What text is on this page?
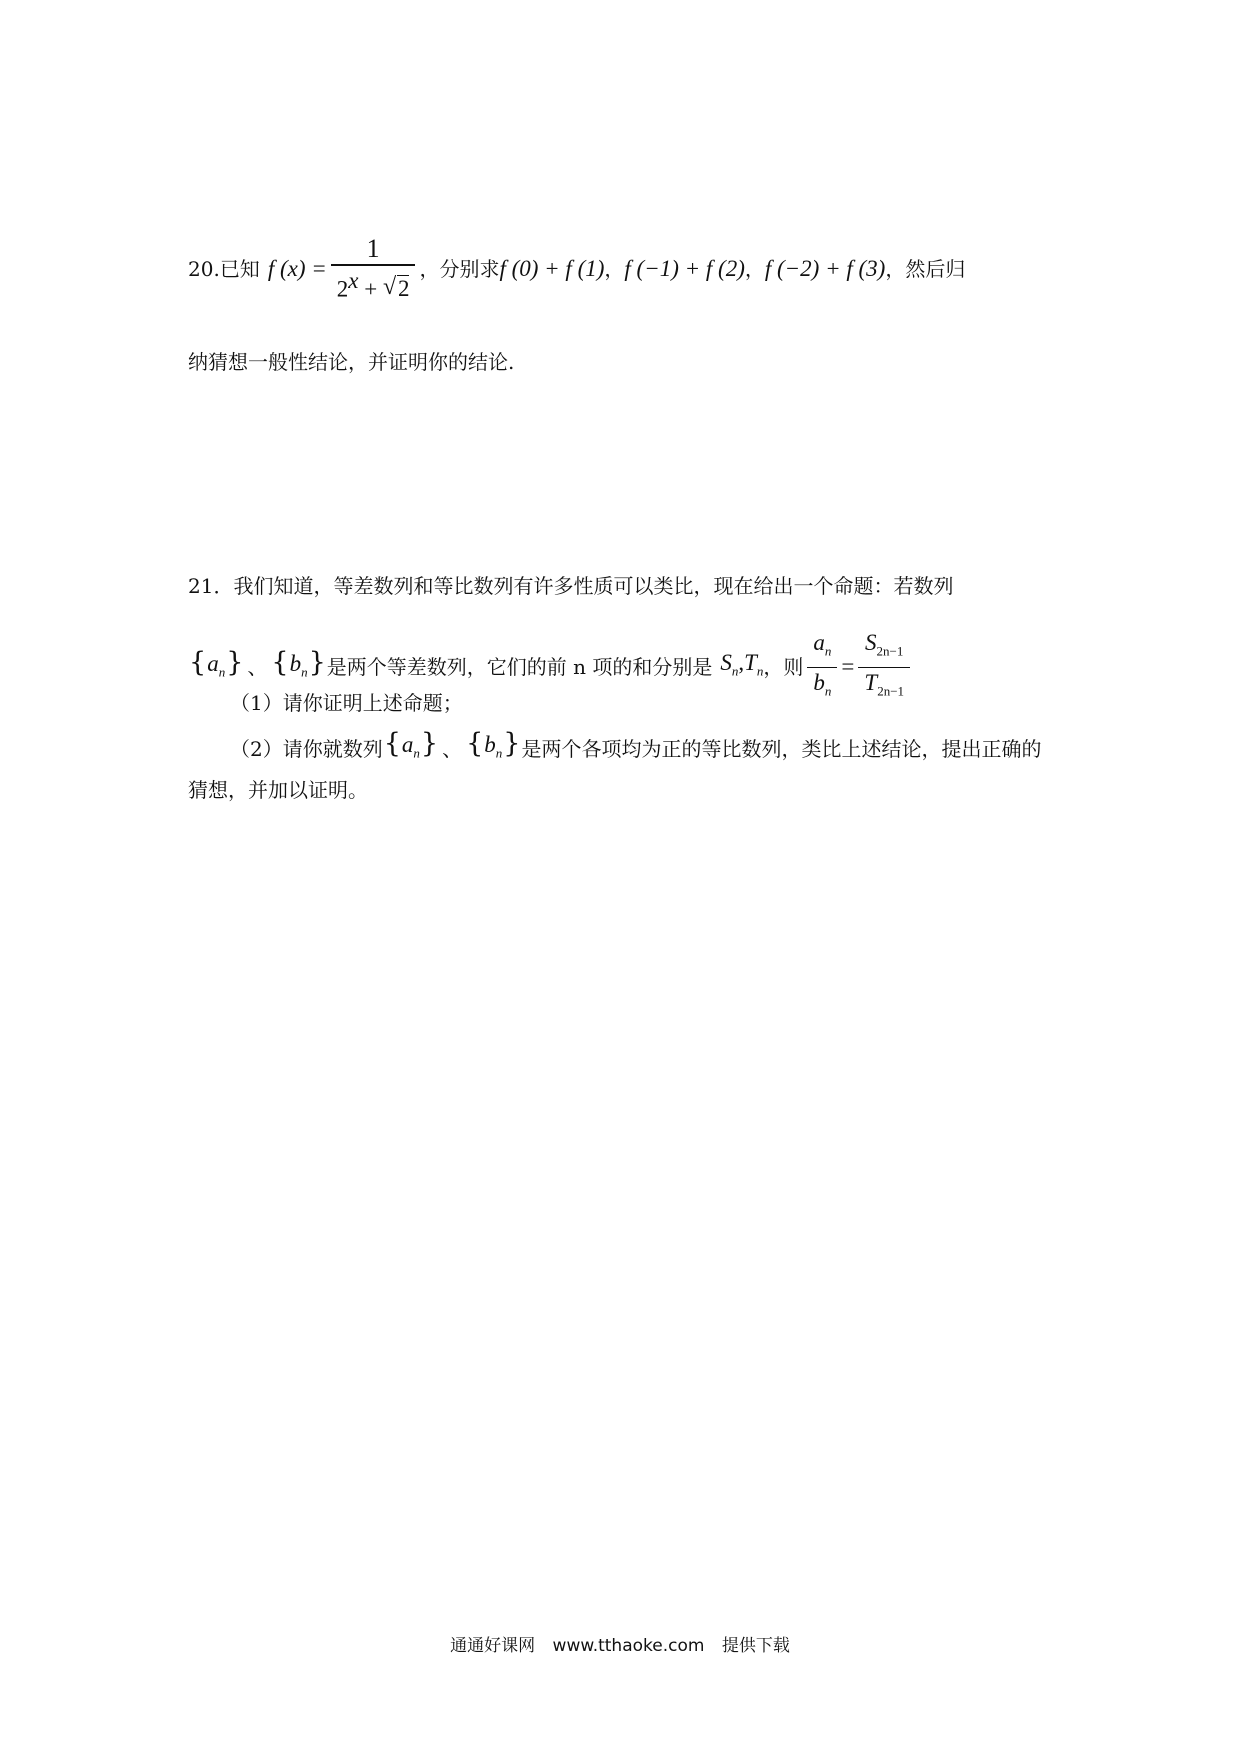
20. 已知 f $(x) = \frac{1}{2^x + √ 2}$ ，分别求 f (0) + f (1) ， f (−1) + f (2) ， f (−2) + f (3) ，然后归
纳猜想一般性结论，并证明你的结论.
21．我们知道，等差数列和等比数列有许多性质可以类比，现在给出一个命题：若数列
$\{a_n\}$ 、 $\{b_n\}$ 是两个等差数列，它们的前 n 项的和分别是 $S_n,T_n$ ，则 $\frac{a_n}{b_n} = \frac{S_{2n-1}}{T_{2n-1}}$
（1）请你证明上述命题；
（2）请你就数列 $\{a_n\}$ 、 $\{b_n\}$ 是两个各项均为正的等比数列，类比上述结论，提出正确的
猜想，并加以证明。
通通好课网 www.tthaoke.com 提供下载
